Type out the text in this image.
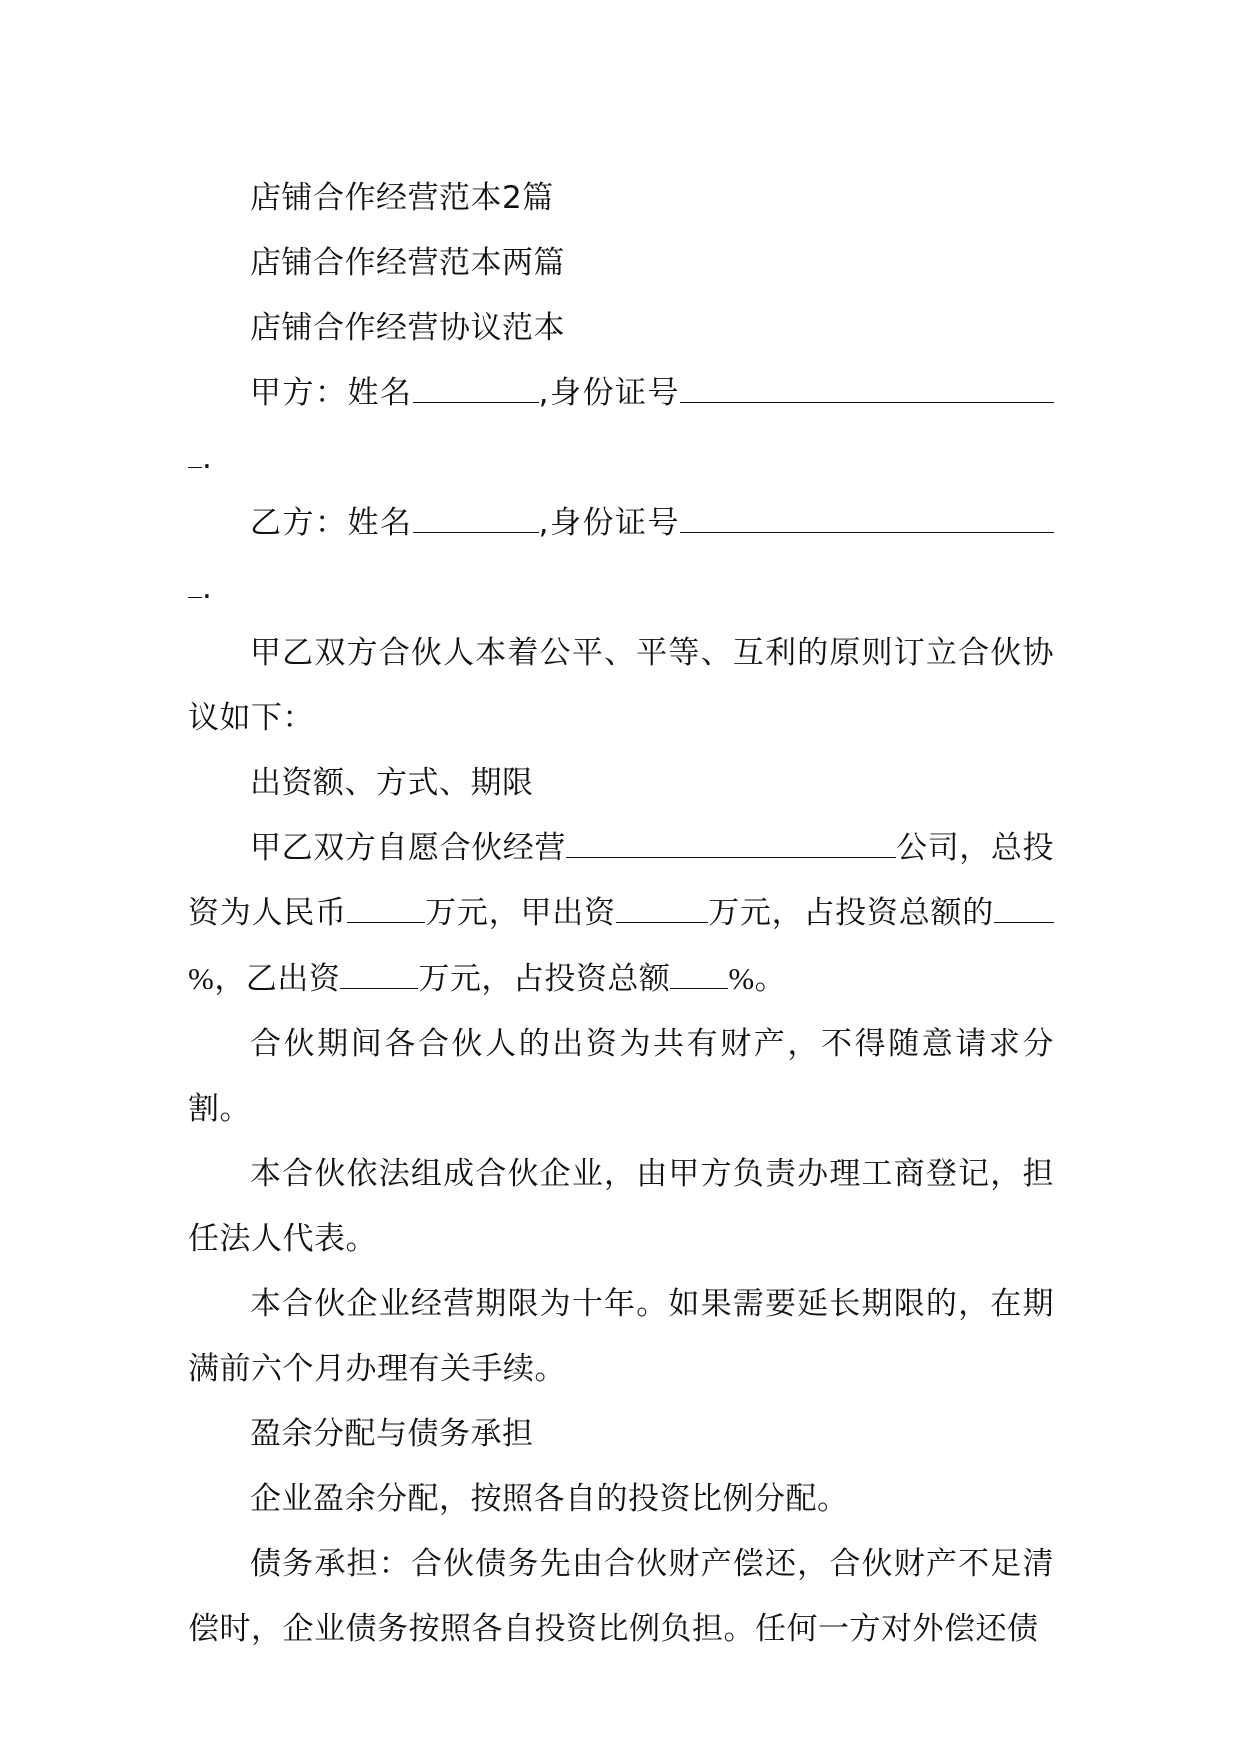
店铺合作经营范本2篇

店铺合作经营范本两篇

店铺合作经营协议范本

甲方：姓名	,身份证号.

乙方：姓名	,身份证号.

甲乙双方合伙人本着公平、平等、互利的原则订立合伙协议如下：

出资额、方式、期限

甲乙双方自愿合伙经营	公司，总投资为人民币	万元，甲出资	万元，占投资总额的%，乙出资	万元，占投资总额 %。

合伙期间各合伙人的出资为共有财产，不得随意请求分割。

本合伙依法组成合伙企业，由甲方负责办理工商登记，担任法人代表。

本合伙企业经营期限为十年。如果需要延长期限的，在期满前六个月办理有关手续。

盈余分配与债务承担

企业盈余分配，按照各自的投资比例分配。

债务承担：合伙债务先由合伙财产偿还，合伙财产不足清偿时，企业债务按照各自投资比例负担。任何一方对外偿还债
